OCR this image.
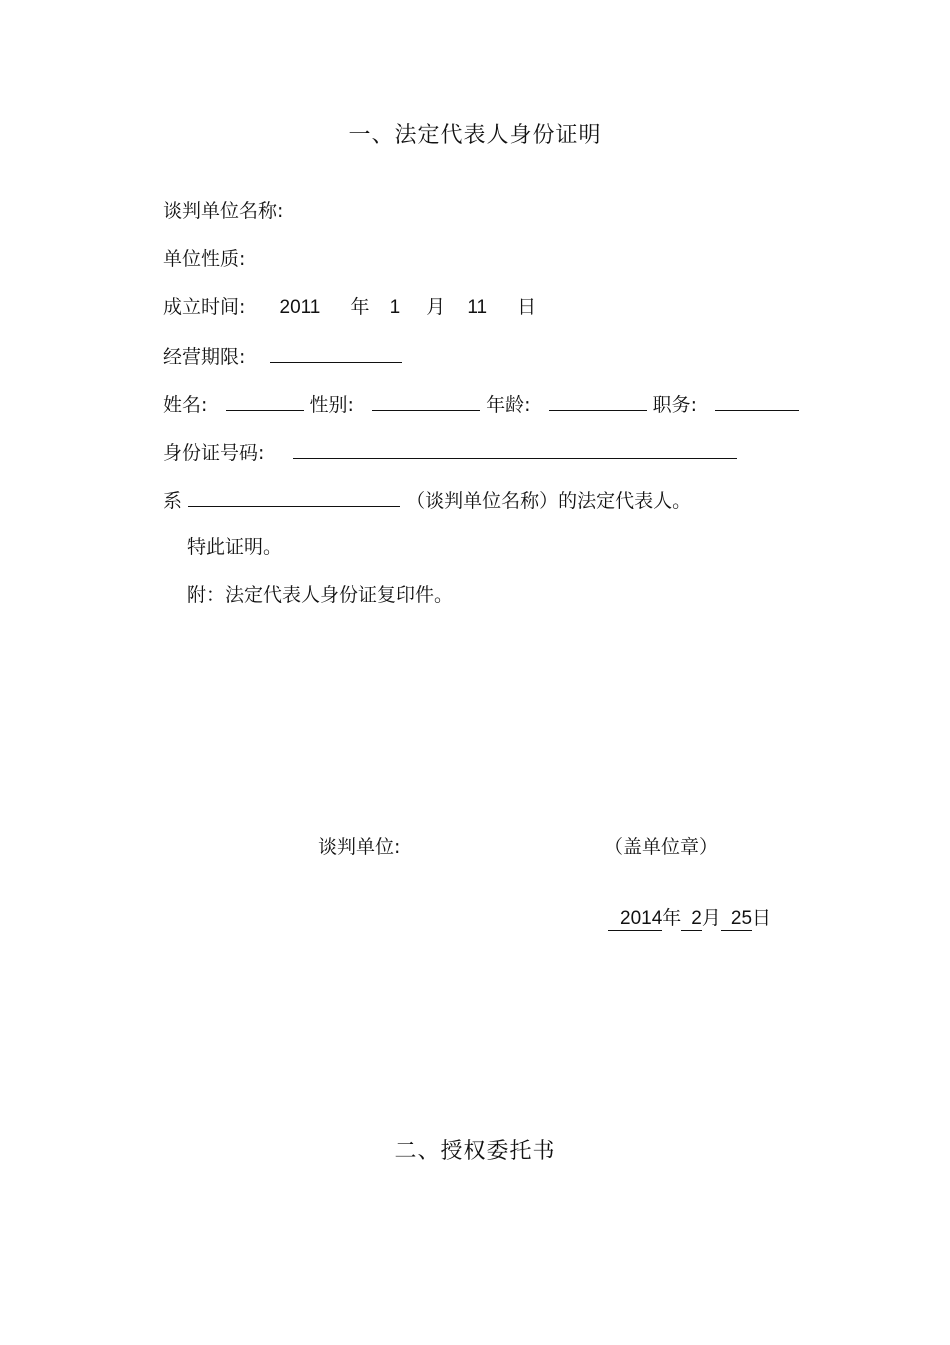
一、法定代表人身份证明
谈判单位名称:
单位性质:
成立时间: 2011 年 1 月 11 日
经营期限:
姓名:	性别:	年龄:	职务:
身份证号码:
系	（谈判单位名称）的法定代表人。
特此证明。
附：法定代表人身份证复印件。
谈判单位:	（盖单位章）
2014年 2月 25日
二、授权委托书
